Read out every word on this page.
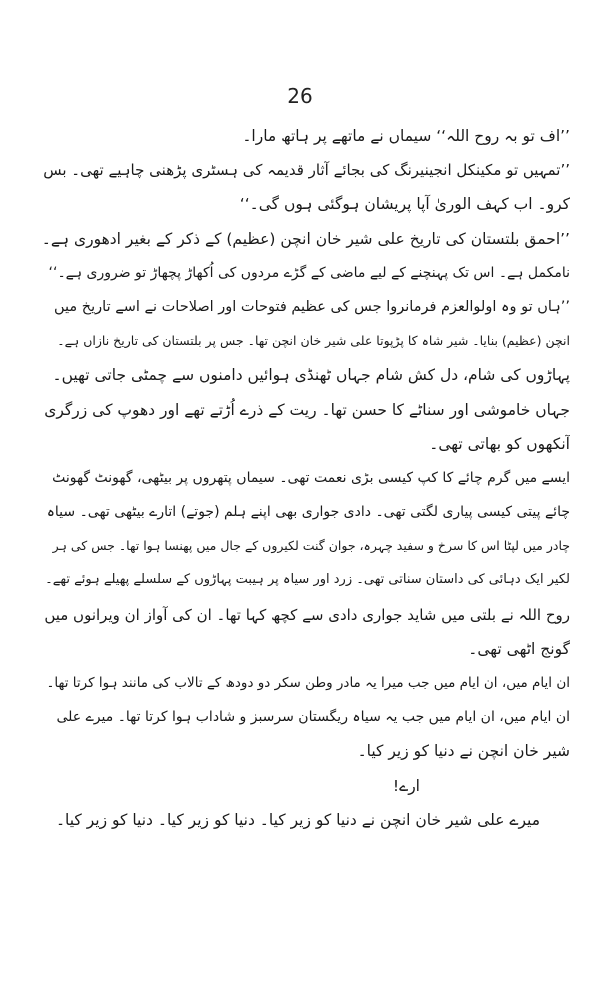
26
’’اف تو بہ روح اللہ‘‘ سیماں نے ماتھے پر ہاتھ مارا۔
’’تمہیں تو مکینکل انجینیرنگ کی بجائے آثار قدیمہ کی ہسٹری پڑھنی چاہیے تھی۔ بس
کرو۔ اب کہف الوریٰ آپا پریشان ہوگئی ہوں گی۔‘‘
’’احمق بلتستان کی تاریخ علی شیر خان انچن (عظیم) کے ذکر کے بغیر ادھوری ہے۔
نامکمل ہے۔ اس تک پہنچنے کے لیے ماضی کے گڑے مردوں کی اُکھاڑ پچھاڑ تو ضروری ہے۔‘‘
’’ہاں تو وہ اولوالعزم فرمانروا جس کی عظیم فتوحات اور اصلاحات نے اسے تاریخ میں
انچن (عظیم) بنایا۔ شیر شاہ کا پڑپوتا علی شیر خان انچن تھا۔ جس پر بلتستان کی تاریخ نازاں ہے۔
پہاڑوں کی شام، دل کش شام جہاں ٹھنڈی ہوائیں دامنوں سے چمٹی جاتی تھیں۔
جہاں خاموشی اور سناٹے کا حسن تھا۔ ریت کے ذرے اُڑتے تھے اور دھوپ کی زرگری
آنکھوں کو بھاتی تھی۔
ایسے میں گرم چائے کا کپ کیسی بڑی نعمت تھی۔ سیماں پتھروں پر بیٹھی، گھونٹ گھونٹ
چائے پیتی کیسی پیاری لگتی تھی۔ دادی جواری بھی اپنے ہلم (جوتے) اتارے بیٹھی تھی۔ سیاہ
چادر میں لپٹا اس کا سرخ و سفید چہرہ، جوان گنت لکیروں کے جال میں پھنسا ہوا تھا۔ جس کی ہر
لکیر ایک دہائی کی داستان سناتی تھی۔ زرد اور سیاہ پر ہیبت پہاڑوں کے سلسلے پھیلے ہوئے تھے۔
روح اللہ نے بلتی میں شاید جواری دادی سے کچھ کہا تھا۔ ان کی آواز ان ویرانوں میں
گونج اٹھی تھی۔
ان ایام میں، ان ایام میں جب میرا یہ مادر وطن سکر دو دودھ کے تالاب کی مانند ہوا کرتا تھا۔
ان ایام میں، ان ایام میں جب یہ سیاہ ریگستان سرسبز و شاداب ہوا کرتا تھا۔ میرے علی
شیر خان انچن نے دنیا کو زیر کیا۔
ارے!
میرے علی شیر خان انچن نے دنیا کو زیر کیا۔ دنیا کو زیر کیا۔ دنیا کو زیر کیا۔
